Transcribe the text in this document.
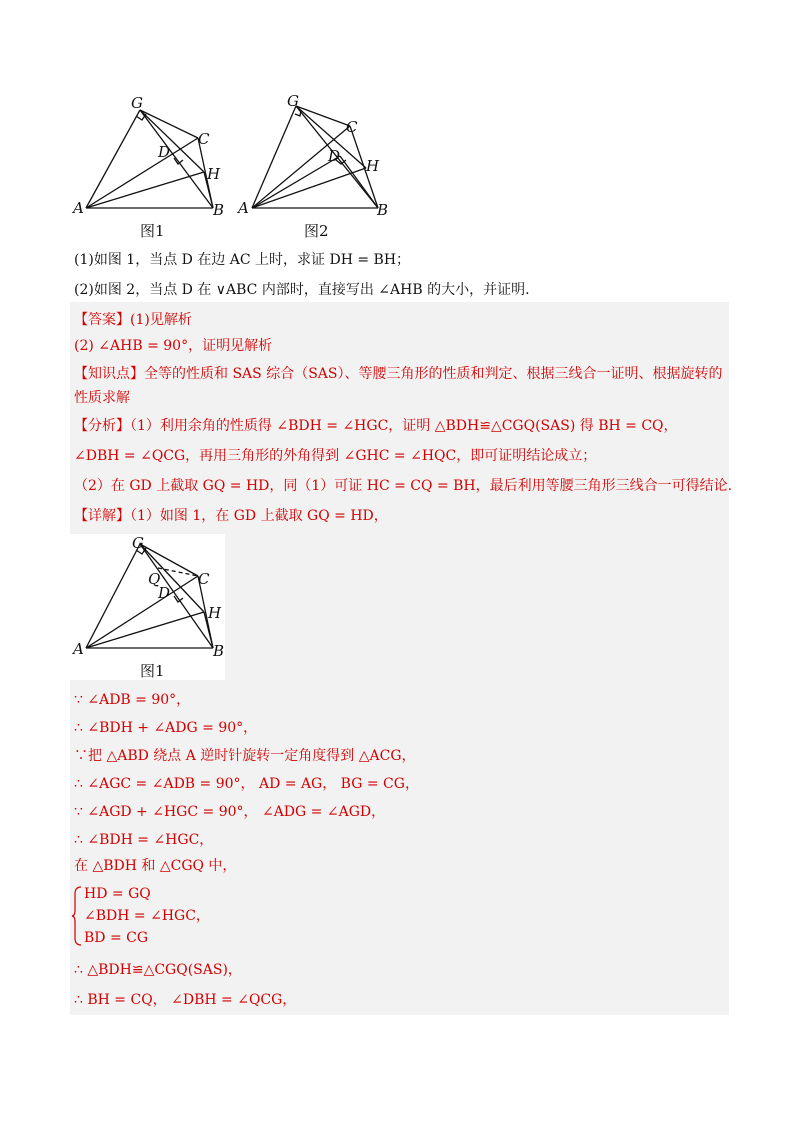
G
C
D
H
A	B
图1
G
C
D
H
A	B
图2
(1)如图 1，当点 D 在边 AC 上时，求证 DH = BH；
(2)如图 2，当点 D 在 ∨ABC 内部时，直接写出 ∠AHB 的大小，并证明.
【答案】(1)见解析
(2) ∠AHB = 90°，证明见解析
【知识点】全等的性质和 SAS 综合（SAS）、等腰三角形的性质和判定、根据三线合一证明、根据旋转的
性质求解
【分析】（1）利用余角的性质得 ∠BDH = ∠HGC，证明 △BDH≌△CGQ(SAS) 得 BH = CQ，
∠DBH = ∠QCG，再用三角形的外角得到 ∠GHC = ∠HQC，即可证明结论成立；
（2）在 GD 上截取 GQ = HD，同（1）可证 HC = CQ = BH，最后利用等腰三角形三线合一可得结论.
【详解】（1）如图 1，在 GD 上截取 GQ = HD，
G
Q	C
D
H
A	B
图1
∵ ∠ADB = 90°，
∴ ∠BDH + ∠ADG = 90°，
∵把 △ABD 绕点 A 逆时针旋转一定角度得到 △ACG，
∴ ∠AGC = ∠ADB = 90°， AD = AG， BG = CG，
∵ ∠AGD + ∠HGC = 90°， ∠ADG = ∠AGD，
∴ ∠BDH = ∠HGC，
在 △BDH 和 △CGQ 中，
HD = GQ
∠BDH = ∠HGC，
BD = CG
∴ △BDH≌△CGQ(SAS)，
∴ BH = CQ， ∠DBH = ∠QCG，
